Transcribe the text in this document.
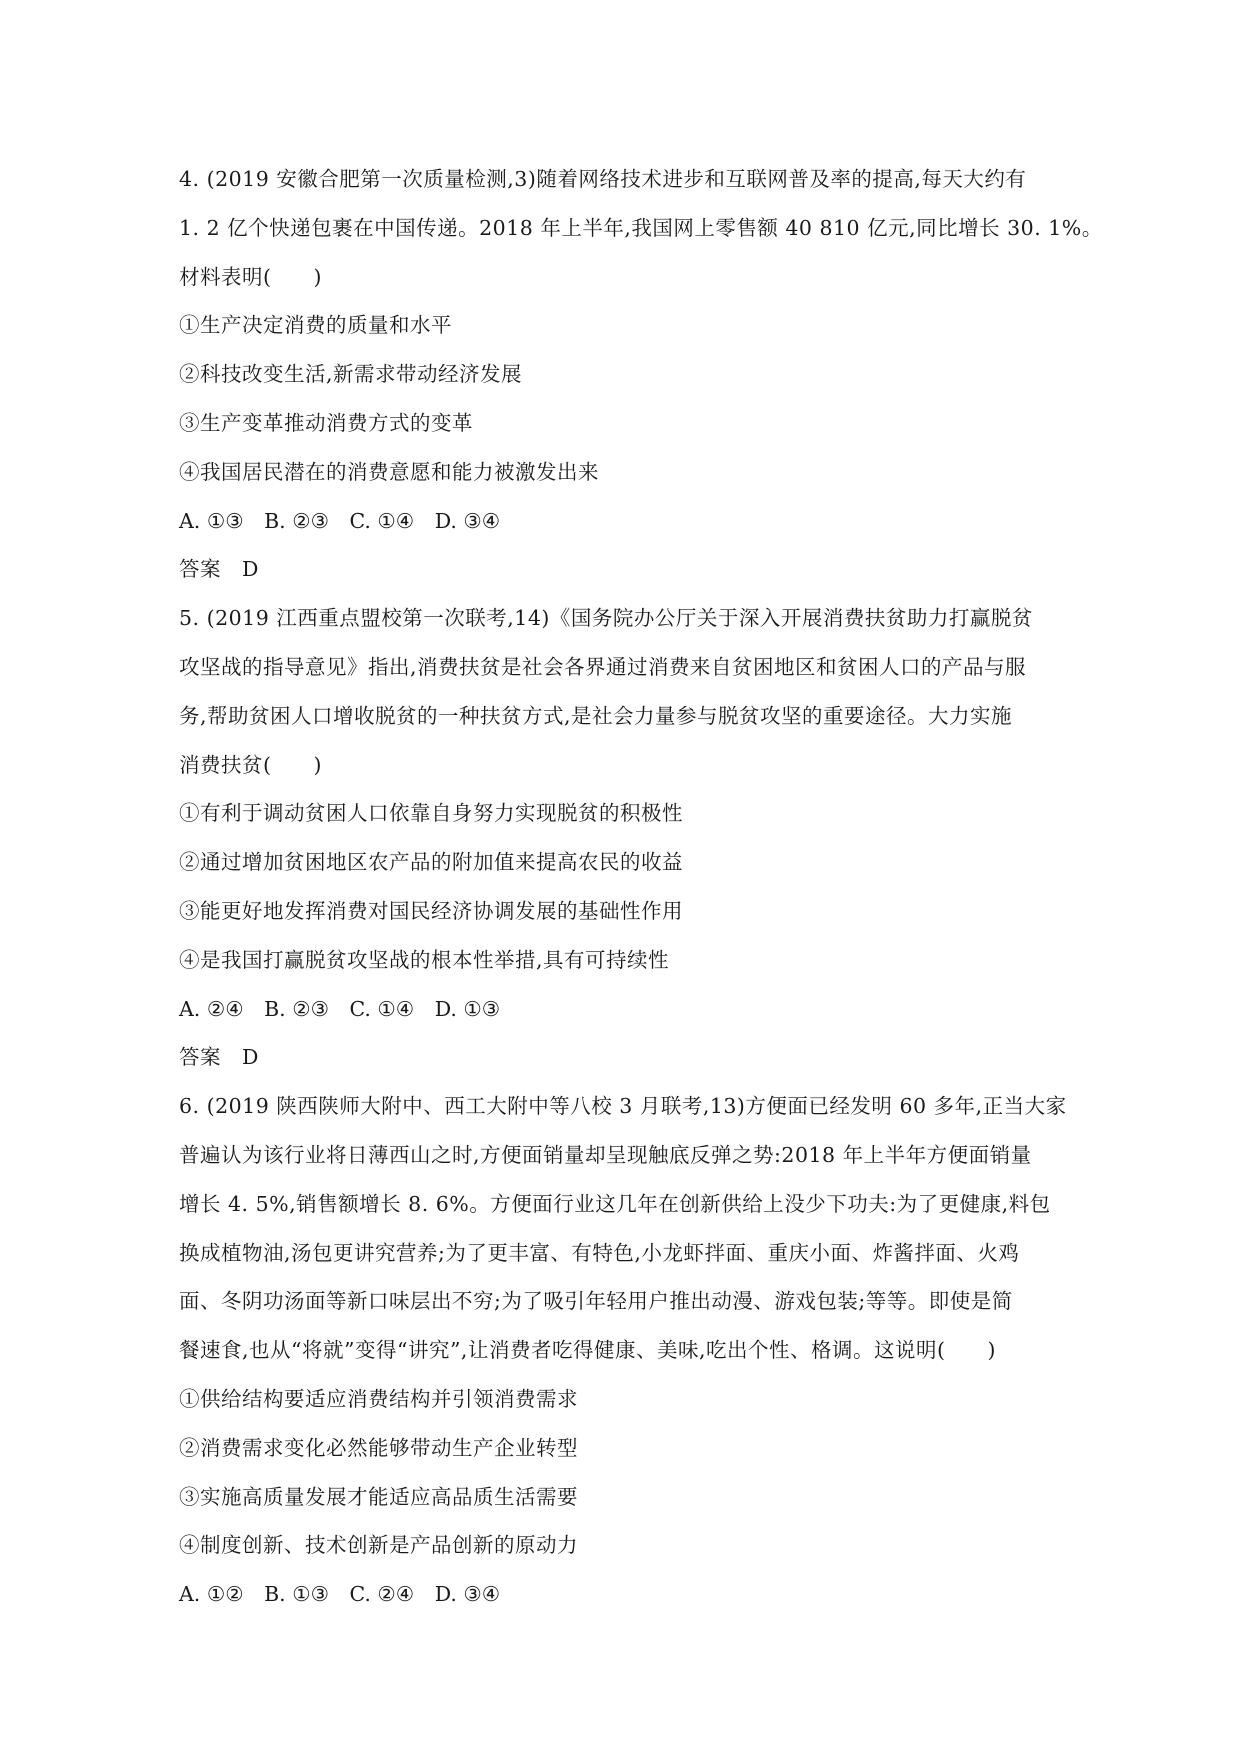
4. (2019 安徽合肥第一次质量检测,3)随着网络技术进步和互联网普及率的提高,每天大约有
1. 2 亿个快递包裹在中国传递。2018 年上半年,我国网上零售额 40 810 亿元,同比增长 30. 1%。
材料表明(　　)
①生产决定消费的质量和水平
②科技改变生活,新需求带动经济发展
③生产变革推动消费方式的变革
④我国居民潜在的消费意愿和能力被激发出来
A. ①③　B. ②③　C. ①④　D. ③④
答案　D
5. (2019 江西重点盟校第一次联考,14)《国务院办公厅关于深入开展消费扶贫助力打赢脱贫
攻坚战的指导意见》指出,消费扶贫是社会各界通过消费来自贫困地区和贫困人口的产品与服
务,帮助贫困人口增收脱贫的一种扶贫方式,是社会力量参与脱贫攻坚的重要途径。大力实施
消费扶贫(　　)
①有利于调动贫困人口依靠自身努力实现脱贫的积极性
②通过增加贫困地区农产品的附加值来提高农民的收益
③能更好地发挥消费对国民经济协调发展的基础性作用
④是我国打赢脱贫攻坚战的根本性举措,具有可持续性
A. ②④　B. ②③　C. ①④　D. ①③
答案　D
6. (2019 陕西陕师大附中、西工大附中等八校 3 月联考,13)方便面已经发明 60 多年,正当大家
普遍认为该行业将日薄西山之时,方便面销量却呈现触底反弹之势:2018 年上半年方便面销量
增长 4. 5%,销售额增长 8. 6%。方便面行业这几年在创新供给上没少下功夫:为了更健康,料包
换成植物油,汤包更讲究营养;为了更丰富、有特色,小龙虾拌面、重庆小面、炸酱拌面、火鸡
面、冬阴功汤面等新口味层出不穷;为了吸引年轻用户推出动漫、游戏包装;等等。即使是简
餐速食,也从“将就”变得“讲究”,让消费者吃得健康、美味,吃出个性、格调。这说明(　　)
①供给结构要适应消费结构并引领消费需求
②消费需求变化必然能够带动生产企业转型
③实施高质量发展才能适应高品质生活需要
④制度创新、技术创新是产品创新的原动力
A. ①②　B. ①③　C. ②④　D. ③④
